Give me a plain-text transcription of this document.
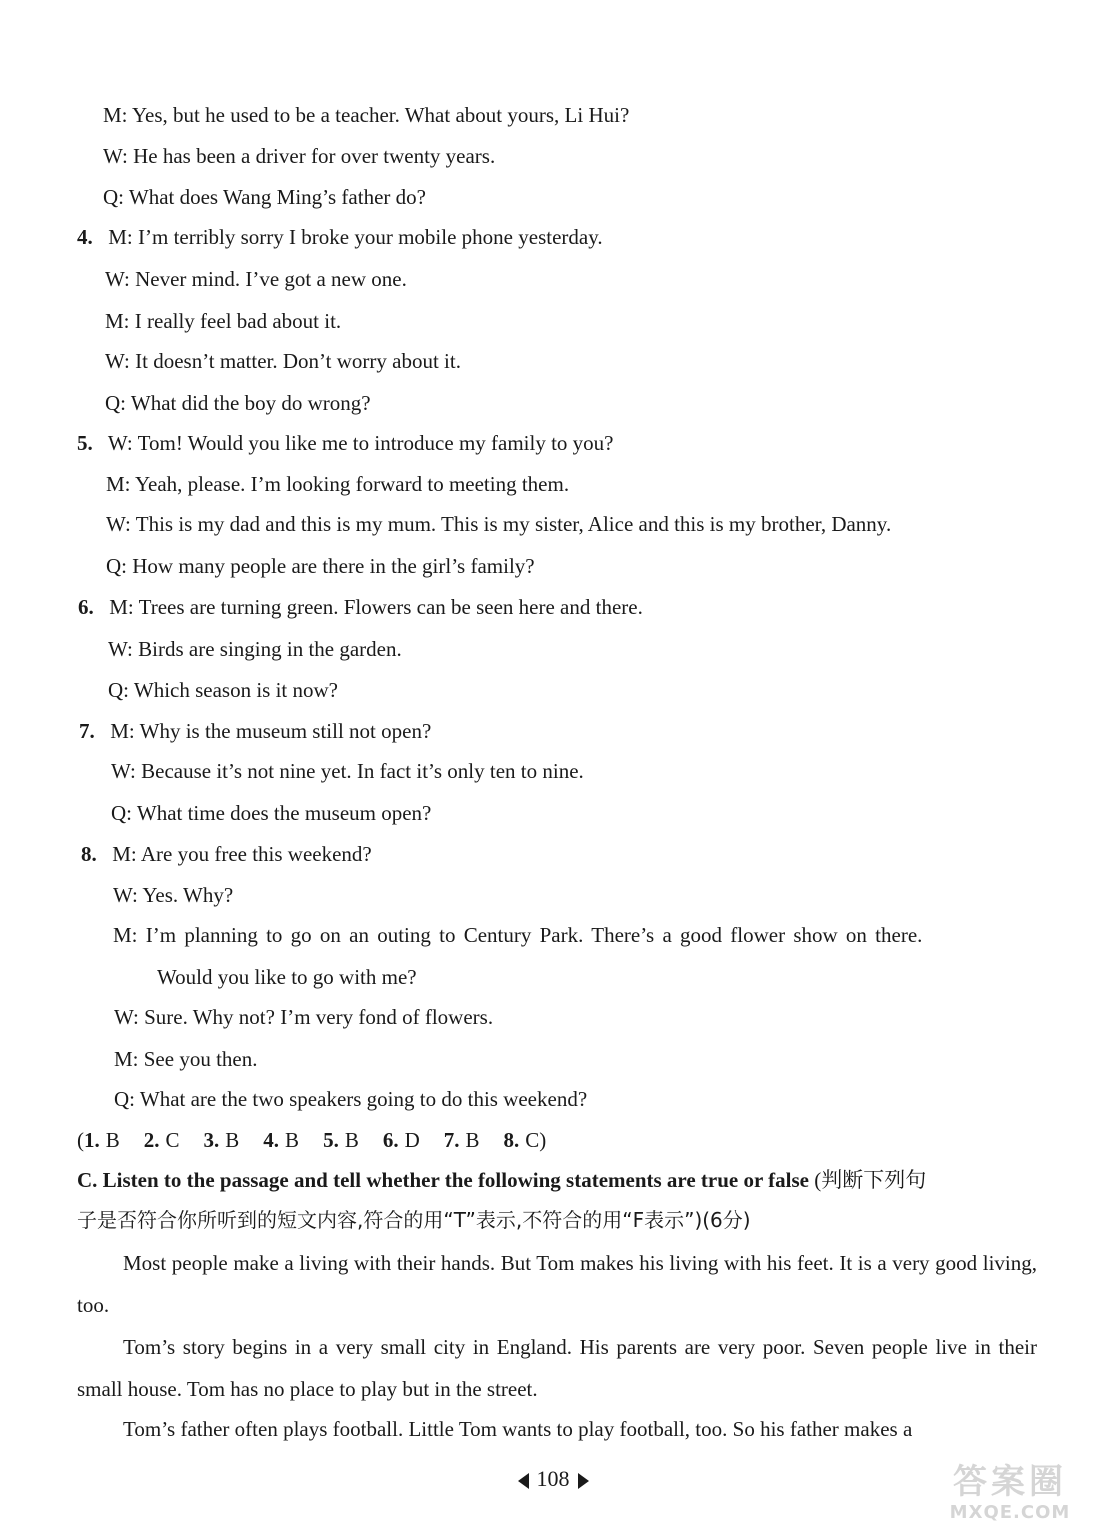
M: Yes, but he used to be a teacher. What about yours, Li Hui?
W: He has been a driver for over twenty years.
Q: What does Wang Ming’s father do?
4. M: I’m terribly sorry I broke your mobile phone yesterday.
W: Never mind. I’ve got a new one.
M: I really feel bad about it.
W: It doesn’t matter. Don’t worry about it.
Q: What did the boy do wrong?
5. W: Tom! Would you like me to introduce my family to you?
M: Yeah, please. I’m looking forward to meeting them.
W: This is my dad and this is my mum. This is my sister, Alice and this is my brother, Danny.
Q: How many people are there in the girl’s family?
6. M: Trees are turning green. Flowers can be seen here and there.
W: Birds are singing in the garden.
Q: Which season is it now?
7. M: Why is the museum still not open?
W: Because it’s not nine yet. In fact it’s only ten to nine.
Q: What time does the museum open?
8. M: Are you free this weekend?
W: Yes. Why?
M: I’m planning to go on an outing to Century Park. There’s a good flower show on there.
Would you like to go with me?
W: Sure. Why not? I’m very fond of flowers.
M: See you then.
Q: What are the two speakers going to do this weekend?
(1. B 2. C 3. B 4. B 5. B 6. D 7. B 8. C)
C. Listen to the passage and tell whether the following statements are true or false (判断下列句
子是否符合你所听到的短文内容,符合的用“T”表示,不符合的用“F表示”)(6分)
Most people make a living with their hands. But Tom makes his living with his feet. It is a very good living, too.
Tom’s story begins in a very small city in England. His parents are very poor. Seven people live in their small house. Tom has no place to play but in the street.
Tom’s father often plays football. Little Tom wants to play football, too. So his father makes a
108	答案圈
MXQE.COM
